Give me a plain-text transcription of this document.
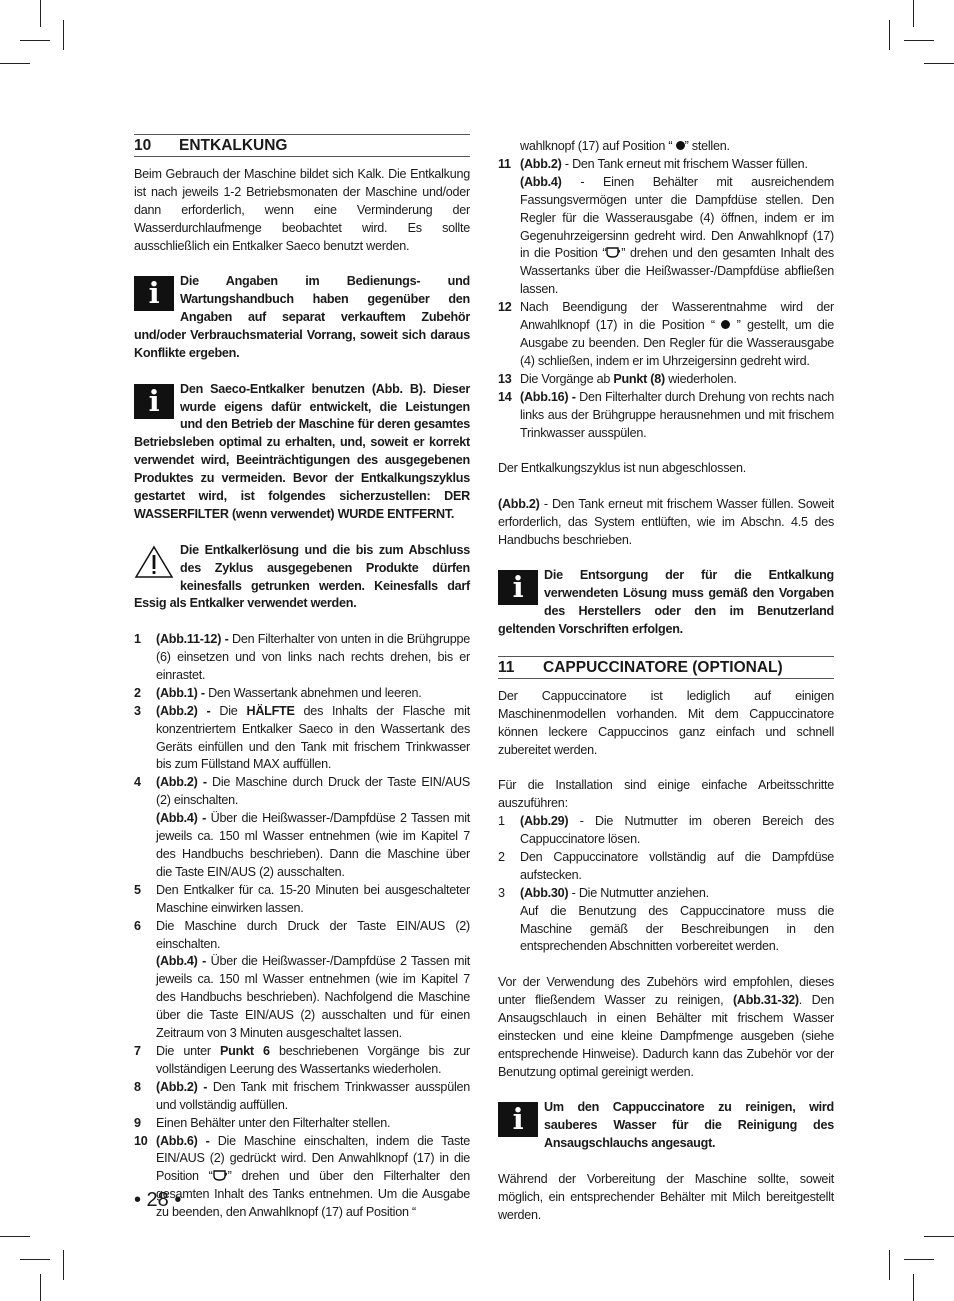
10	ENTKALKUNG

Beim Gebrauch der Maschine bildet sich Kalk. Die Entkalkung ist nach jeweils 1-2 Betriebsmonaten der Maschine und/oder dann erforderlich, wenn eine Verminderung der Wasserdurchlaufmenge beobachtet wird. Es sollte ausschließlich ein Entkalker Saeco benutzt werden.

i	Die Angaben im Bedienungs- und Wartungshandbuch haben gegenüber den Angaben auf separat verkauftem Zubehör und/oder Verbrauchsmaterial Vorrang, soweit sich daraus Konflikte ergeben.
i	Den Saeco-Entkalker benutzen (Abb. B). Dieser wurde eigens dafür entwickelt, die Leistungen und den Betrieb der Maschine für deren gesamtes Betriebsleben optimal zu erhalten, und, soweit er korrekt verwendet wird, Beeinträchtigungen des ausgegebenen Produktes zu vermeiden. Bevor der Entkalkungszyklus gestartet wird, ist folgendes sicherzustellen: DER WASSERFILTER (wenn verwendet) WURDE ENTFERNT.
Die Entkalkerlösung und die bis zum Abschluss des Zyklus ausgegebenen Produkte dürfen keinesfalls getrunken werden. Keinesfalls darf Essig als Entkalker verwendet werden.
1	(Abb.11-12) - Den Filterhalter von unten in die Brühgruppe (6) einsetzen und von links nach rechts drehen, bis er einrastet.
2	(Abb.1) - Den Wassertank abnehmen und leeren.
3	(Abb.2) - Die HÄLFTE des Inhalts der Flasche mit konzentriertem Entkalker Saeco in den Wassertank des Geräts einfüllen und den Tank mit frischem Trinkwasser bis zum Füllstand MAX auffüllen.
4	(Abb.2) - Die Maschine durch Druck der Taste EIN/AUS (2) einschalten.
(Abb.4) - Über die Heißwasser-/Dampfdüse 2 Tassen mit jeweils ca. 150 ml Wasser entnehmen (wie im Kapitel 7 des Handbuchs beschrieben). Dann die Maschine über die Taste EIN/AUS (2) ausschalten.
5	Den Entkalker für ca. 15-20 Minuten bei ausgeschalteter Maschine einwirken lassen.
6	Die Maschine durch Druck der Taste EIN/AUS (2) einschalten.
(Abb.4) - Über die Heißwasser-/Dampfdüse 2 Tassen mit jeweils ca. 150 ml Wasser entnehmen (wie im Kapitel 7 des Handbuchs beschrieben). Nachfolgend die Maschine über die Taste EIN/AUS (2) ausschalten und für einen Zeitraum von 3 Minuten ausgeschaltet lassen.
7	Die unter Punkt 6 beschriebenen Vorgänge bis zur vollständigen Leerung des Wassertanks wiederholen.
8	(Abb.2) - Den Tank mit frischem Trinkwasser ausspülen und vollständig auffüllen.
9	Einen Behälter unter den Filterhalter stellen.
10 (Abb.6) - Die Maschine einschalten, indem die Taste EIN/AUS (2) gedrückt wird. Den Anwahlknopf (17) in die Position “ ” drehen und über den Filterhalter den gesamten Inhalt des Tanks entnehmen. Um die Ausgabe zu beenden, den Anwahlknopf (17) auf Position “
wahlknopf (17) auf Position “ ” stellen.
11 (Abb.2) - Den Tank erneut mit frischem Wasser füllen.
(Abb.4) - Einen Behälter mit ausreichendem Fassungsvermögen unter die Dampfdüse stellen. Den Regler für die Wasserausgabe (4) öffnen, indem er im Gegenuhrzeigersinn gedreht wird. Den Anwahlknopf (17) in die Position “ ” drehen und den gesamten Inhalt des Wassertanks über die Heißwasser-/Dampfdüse abfließen lassen.
12 Nach Beendigung der Wasserentnahme wird der Anwahlknopf (17) in die Position “  ” gestellt, um die Ausgabe zu beenden. Den Regler für die Wasserausgabe (4) schließen, indem er im Uhrzeigersinn gedreht wird.
13 Die Vorgänge ab Punkt (8) wiederholen.
14 (Abb.16) - Den Filterhalter durch Drehung von rechts nach links aus der Brühgruppe herausnehmen und mit frischem Trinkwasser ausspülen.

Der Entkalkungszyklus ist nun abgeschlossen.

(Abb.2) - Den Tank erneut mit frischem Wasser füllen. Soweit erforderlich, das System entlüften, wie im Abschn. 4.5 des Handbuchs beschrieben.

i	Die Entsorgung der für die Entkalkung verwendeten Lösung muss gemäß den Vorgaben des Herstellers oder den im Benutzerland geltenden Vorschriften erfolgen.
11	CAPPUCCINATORE (OPTIONAL)

Der Cappuccinatore ist lediglich auf einigen Maschinenmodellen vorhanden. Mit dem Cappuccinatore können leckere Cappuccinos ganz einfach und schnell zubereitet werden.

Für die Installation sind einige einfache Arbeitsschritte auszuführen:

1	(Abb.29) - Die Nutmutter im oberen Bereich des Cappuccinatore lösen.
2	Den Cappuccinatore vollständig auf die Dampfdüse aufstecken.
3	(Abb.30) - Die Nutmutter anziehen.
Auf die Benutzung des Cappuccinatore muss die Maschine gemäß der Beschreibungen in den entsprechenden Abschnitten vorbereitet werden.

Vor der Verwendung des Zubehörs wird empfohlen, dieses unter fließendem Wasser zu reinigen, (Abb.31-32). Den Ansaugschlauch in einen Behälter mit frischem Wasser einstecken und eine kleine Dampfmenge ausgeben (siehe entsprechende Hinweise). Dadurch kann das Zubehör vor der Benutzung optimal gereinigt werden.

i	Um den Cappuccinatore zu reinigen, wird sauberes Wasser für die Reinigung des Ansaugschlauchs angesaugt.

Während der Vorbereitung der Maschine sollte, soweit möglich, ein entsprechender Behälter mit Milch bereitgestellt werden.

• 28 •
